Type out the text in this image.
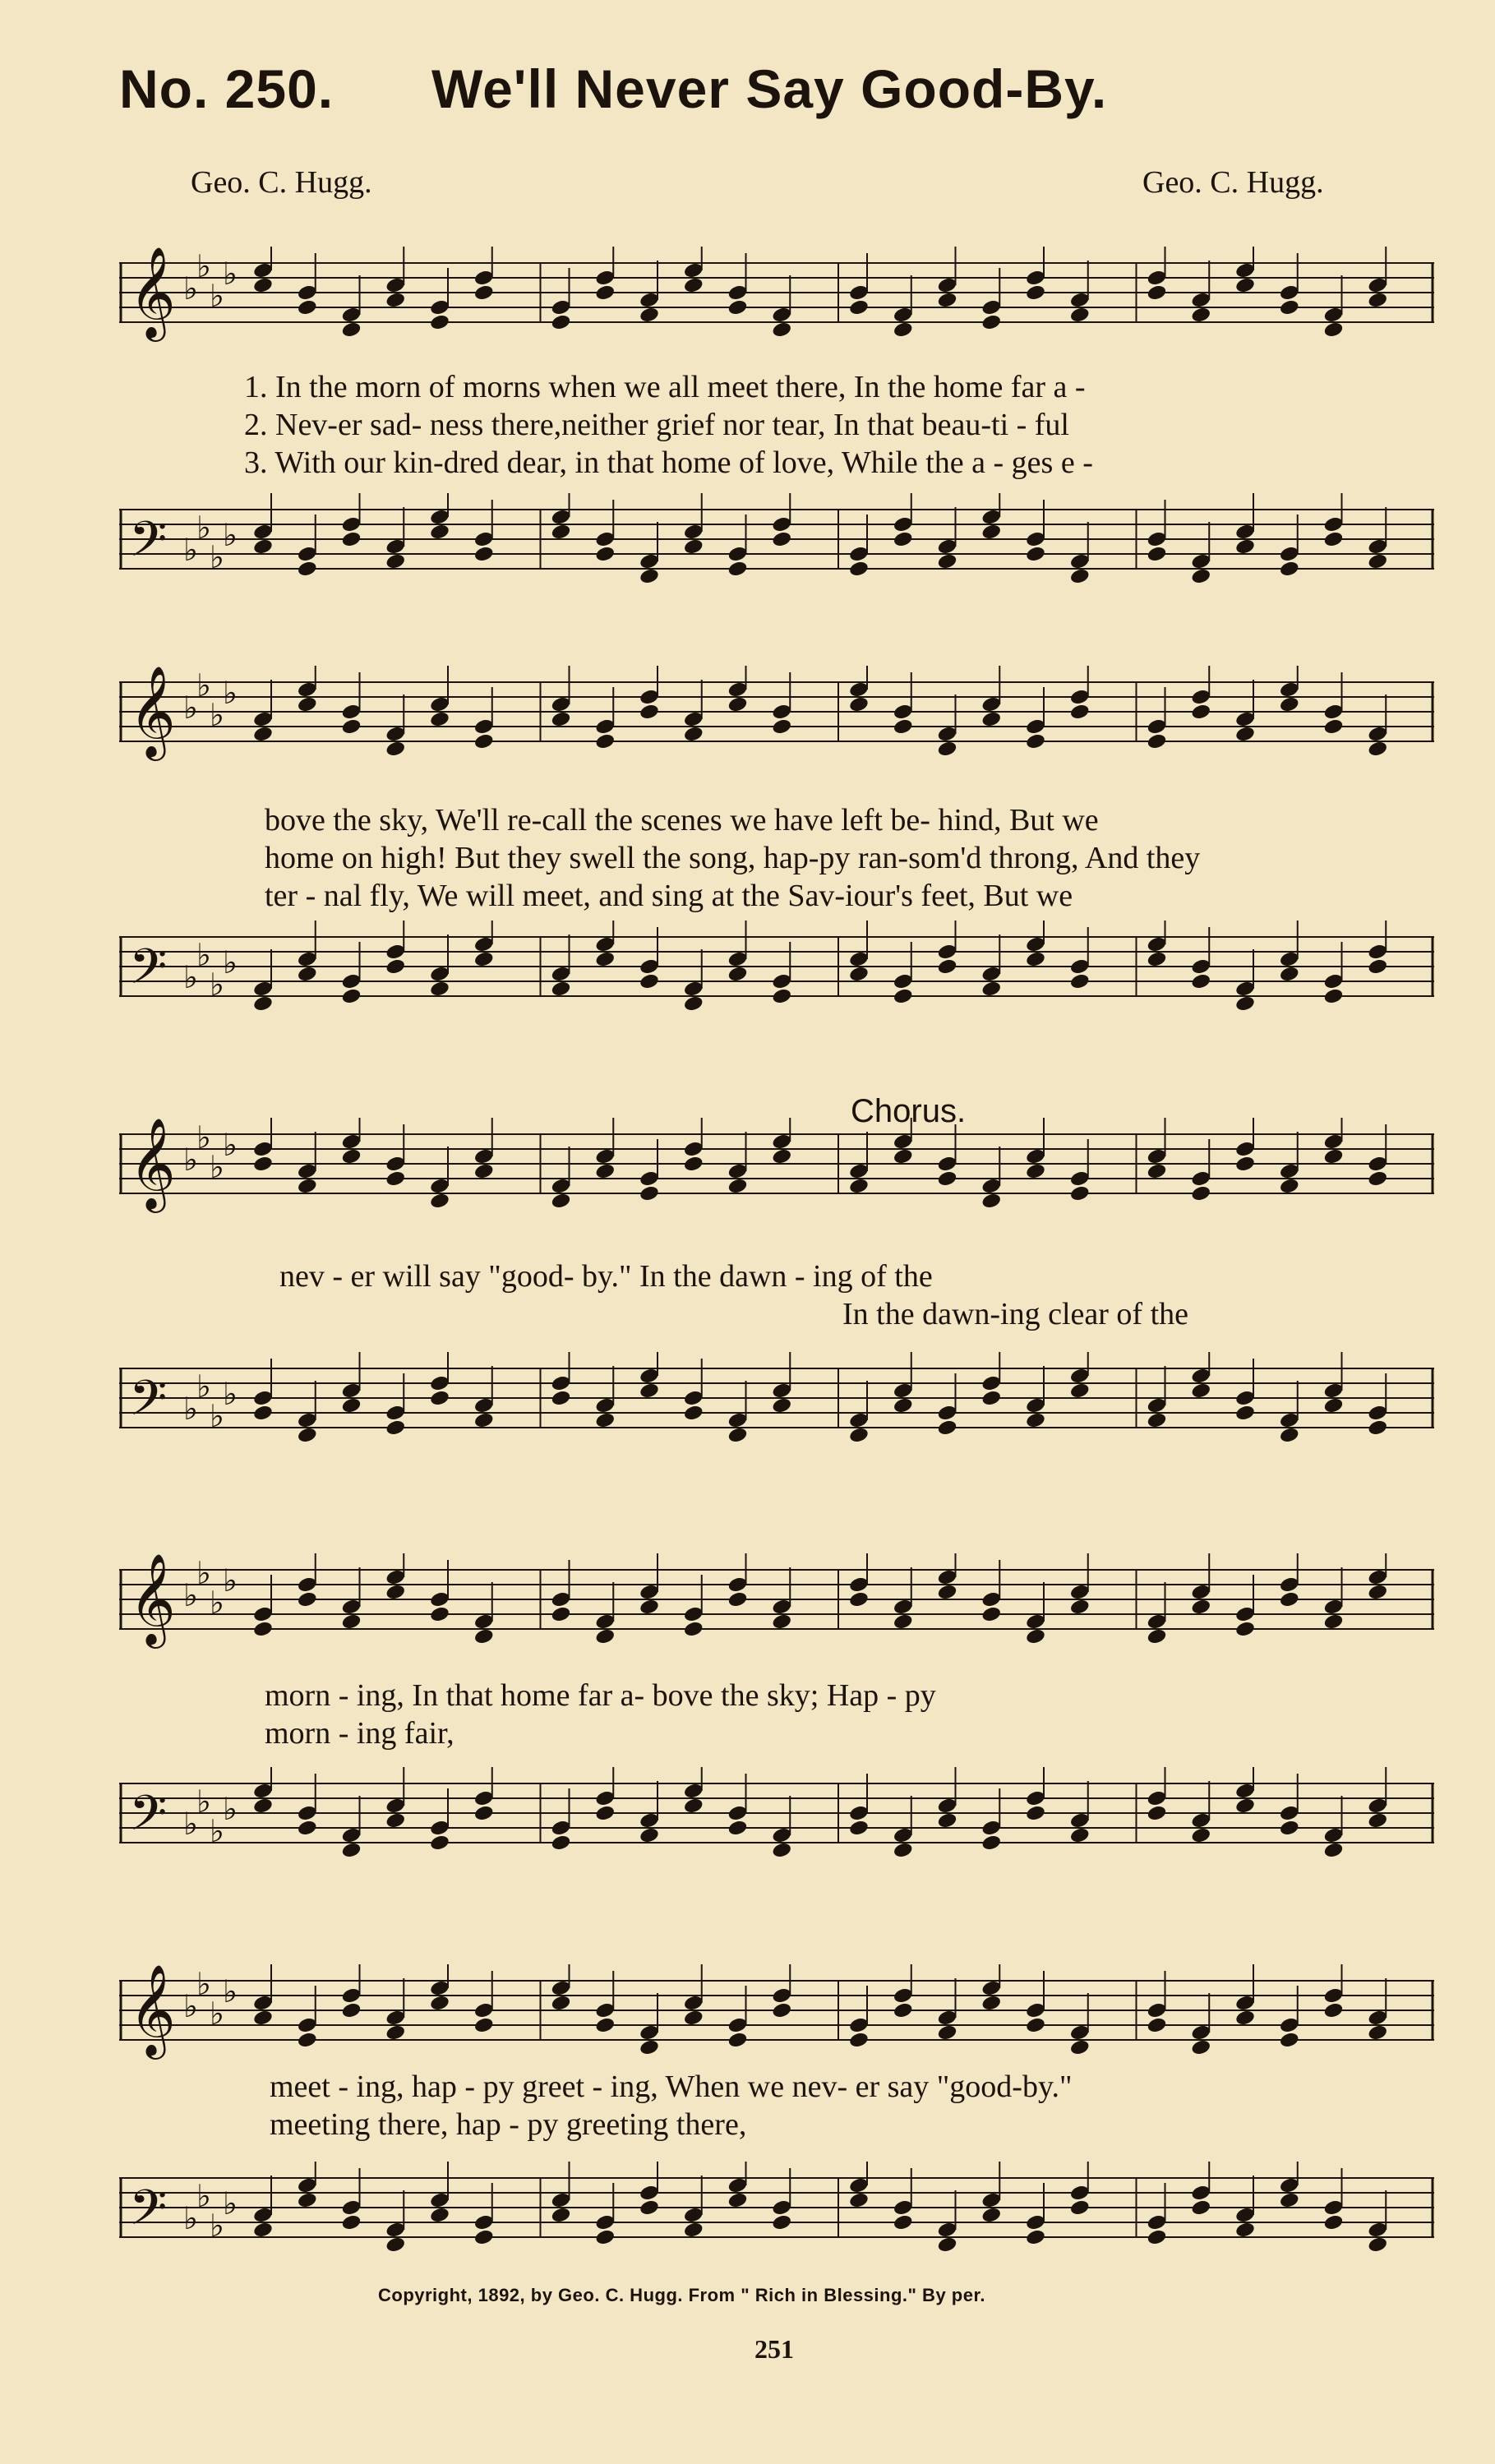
No. 250. We'll Never Say Good-By.
Geo. C. Hugg.	Geo. C. Hugg.
𝄞 ♭
♭
♭
♭
𝄢 ♭
♭
♭
♭
1. In the morn of morns when we all meet there, In the home far a -
2. Nev-er sad- ness there,neither grief nor tear, In that beau-ti - ful
3. With our kin-dred dear, in that home of love, While the a - ges e -
𝄞 ♭
♭
♭
♭
𝄢 ♭
♭
♭
♭
bove the sky, We'll re-call the scenes we have left be- hind, But we
home on high! But they swell the song, hap-py ran-som'd throng, And they
ter - nal fly, We will meet, and sing at the Sav-iour's feet, But we
Chorus.
𝄞 ♭
♭
♭
♭
𝄢 ♭
♭
♭
♭
nev - er will say "good- by." In the dawn - ing of the
In the dawn-ing clear of the
𝄞 ♭
♭
♭
♭
𝄢 ♭
♭
♭
♭
morn - ing, In that home far a- bove the sky; Hap - py
morn - ing fair,
𝄞 ♭
♭
♭
♭
𝄢 ♭
♭
♭
♭
meet - ing, hap - py greet - ing, When we nev- er say "good-by."
meeting there, hap - py greeting there,
Copyright, 1892, by Geo. C. Hugg. From " Rich in Blessing." By per.
251
